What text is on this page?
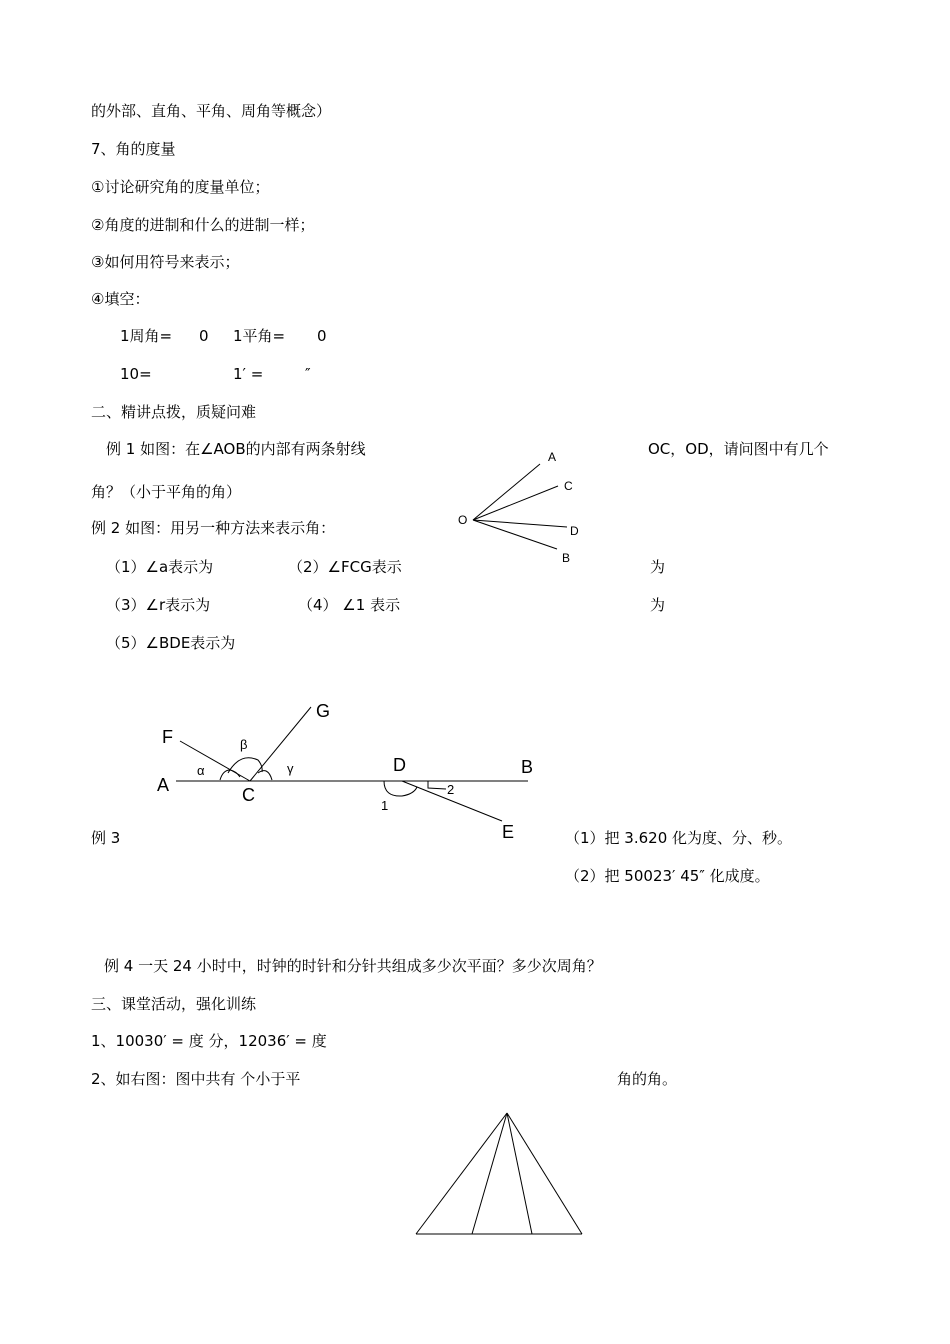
的外部、直角、平角、周角等概念）
7、角的度量
①讨论研究角的度量单位；
②角度的进制和什么的进制一样；
③如何用符号来表示；
④填空：
1周角= 0 1平角= 0
10=	1′ =	″
二、精讲点拨，质疑问难
例 1 如图：在∠AOB的内部有两条射线	OC，OD，请问图中有几个
角？（小于平角的角）
例 2 如图：用另一种方法来表示角：
（1）∠a表示为	（2）∠FCG表示	为
（3）∠r表示为	（4） ∠1 表示	为
（5）∠BDE表示为
例 3	（1）把 3.620 化为度、分、秒。
（2）把 50023′ 45″ 化成度。
例 4 一天 24 小时中，时钟的时针和分针共组成多少次平面？多少次周角？
三、课堂活动，强化训练
1、10030′ = 度 分，12036′ = 度
2、如右图：图中共有 个小于平	角的角。
A
C
D
B
O
F
G
β
α	γ
A	C
D	B
1
2
E
